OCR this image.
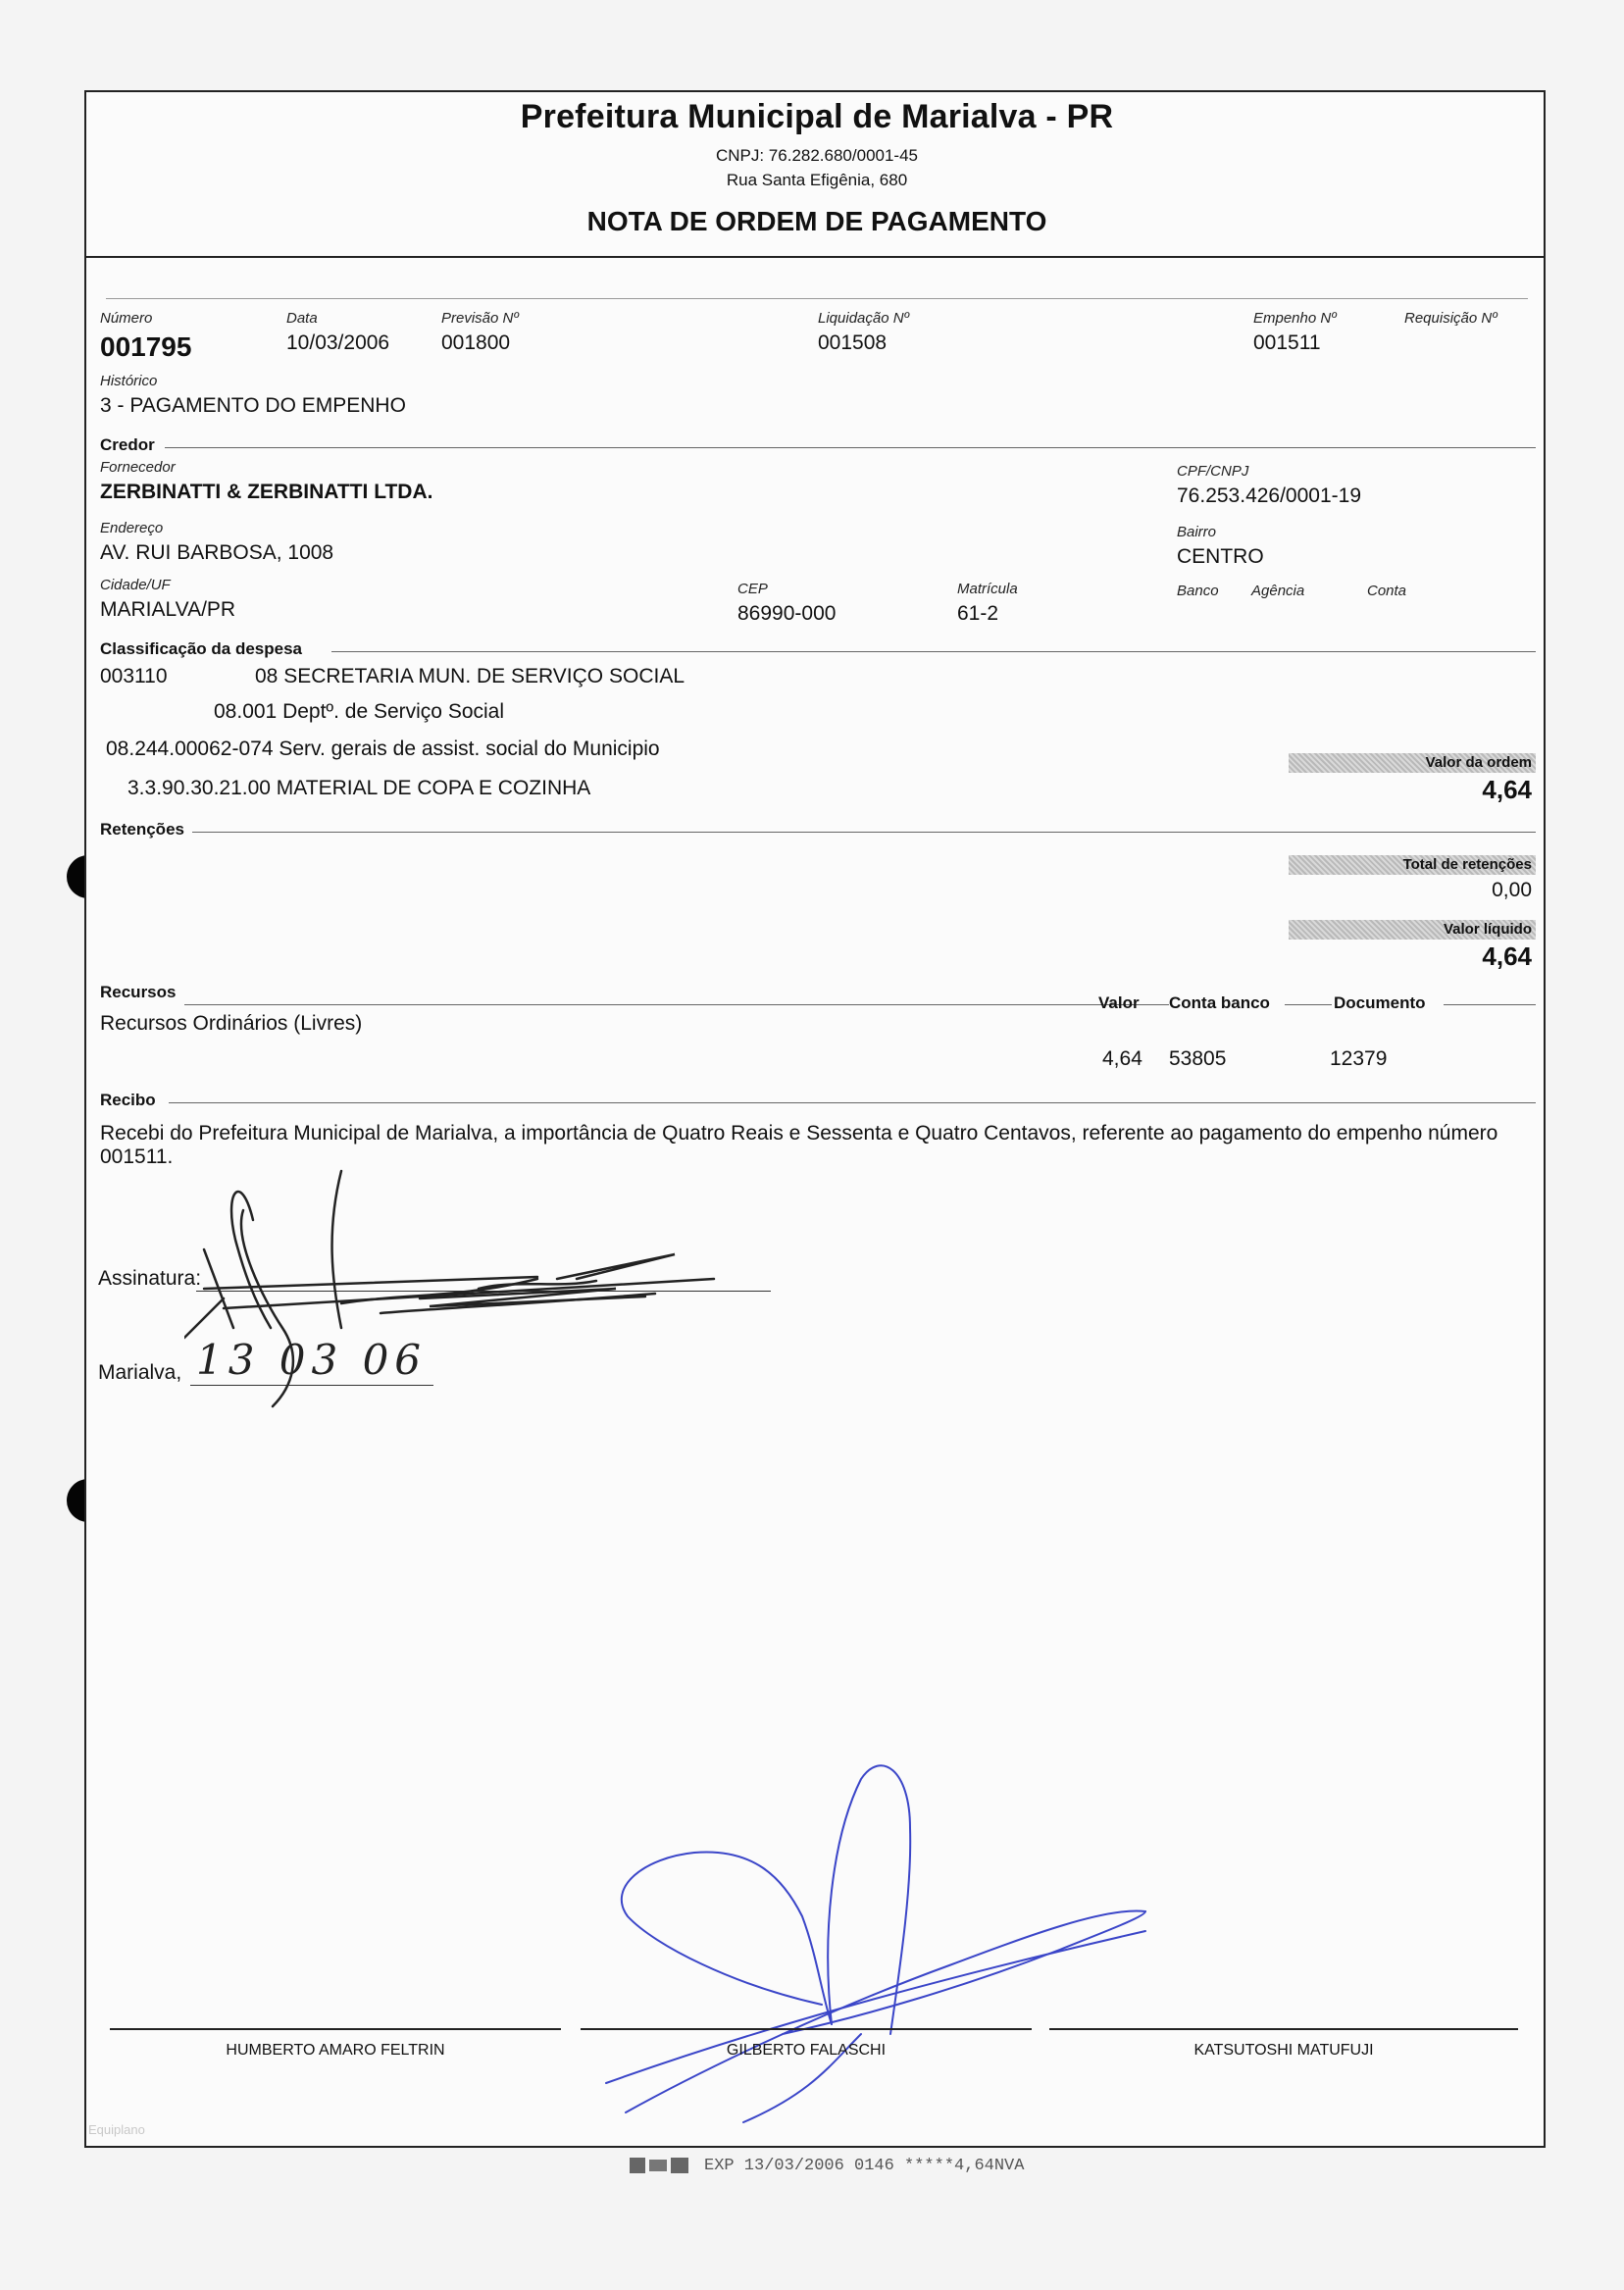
Prefeitura Municipal de Marialva - PR
CNPJ: 76.282.680/0001-45
Rua Santa Efigênia, 680
NOTA DE ORDEM DE PAGAMENTO
Número
001795
Data
10/03/2006
Previsão Nº
001800
Liquidação Nº
001508
Empenho Nº
001511
Requisição Nº
Histórico
3 - PAGAMENTO DO EMPENHO
Credor
Fornecedor
ZERBINATTI & ZERBINATTI LTDA.
CPF/CNPJ
76.253.426/0001-19
Endereço
AV. RUI BARBOSA, 1008
Bairro
CENTRO
Cidade/UF
MARIALVA/PR
CEP
86990-000
Matrícula
61-2
Banco Agência	Conta
Classificação da despesa
003110	08 SECRETARIA MUN. DE SERVIÇO SOCIAL
08.001 Deptº. de Serviço Social
08.244.00062-074 Serv. gerais de assist. social do Municipio
3.3.90.30.21.00 MATERIAL DE COPA E COZINHA
Valor da ordem
4,64
Retenções
Total de retenções
0,00
Valor líquido
4,64
Recursos
Valor Conta banco	Documento
Recursos Ordinários (Livres)
4,64 53805	12379
Recibo
Recebi do Prefeitura Municipal de Marialva, a importância de Quatro Reais e Sessenta e Quatro Centavos, referente ao pagamento do empenho número 001511.
Assinatura:
Marialva, 13 03 06
HUMBERTO AMARO FELTRIN	GILBERTO FALASCHI	KATSUTOSHI MATUFUJI
Equiplano
EXP 13/03/2006 0146 *****4,64NVA
